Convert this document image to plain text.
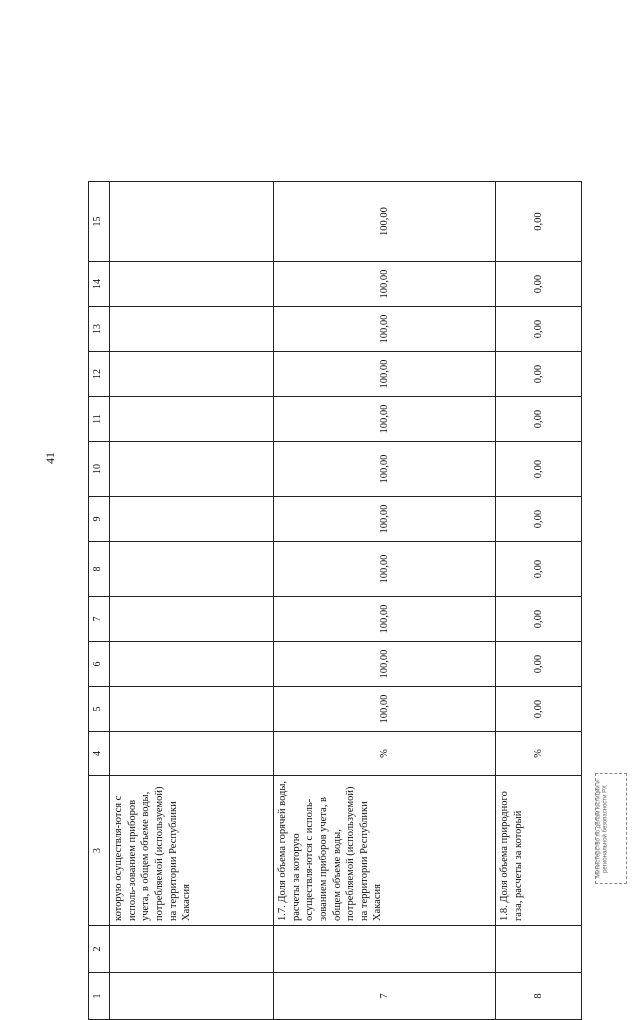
41
1	2	3	4	5	6	7	8	9	10	11	12	13	14	15
		которую осуществля-ются с исполь-зованием приборов учета, в общем объеме воды, потребляемой (используемой) на территории Республики Хакасия												
7		1.7. Доля объема горячей воды, расчеты за которую осуществля-ются с исполь-зованием приборов учета, в общем объеме воды, потребляемой (используемой) на территории Республики Хакасия	%	100,00	100,00	100,00	100,00	100,00	100,00	100,00	100,00	100,00	100,00	100,00
8		1.8. Доля объема природного газа, расчеты за который	%	0,00	0,00	0,00	0,00	0,00	0,00	0,00	0,00	0,00	0,00	0,00
Министерство по делам юстиции и региональной безопасности РХ
